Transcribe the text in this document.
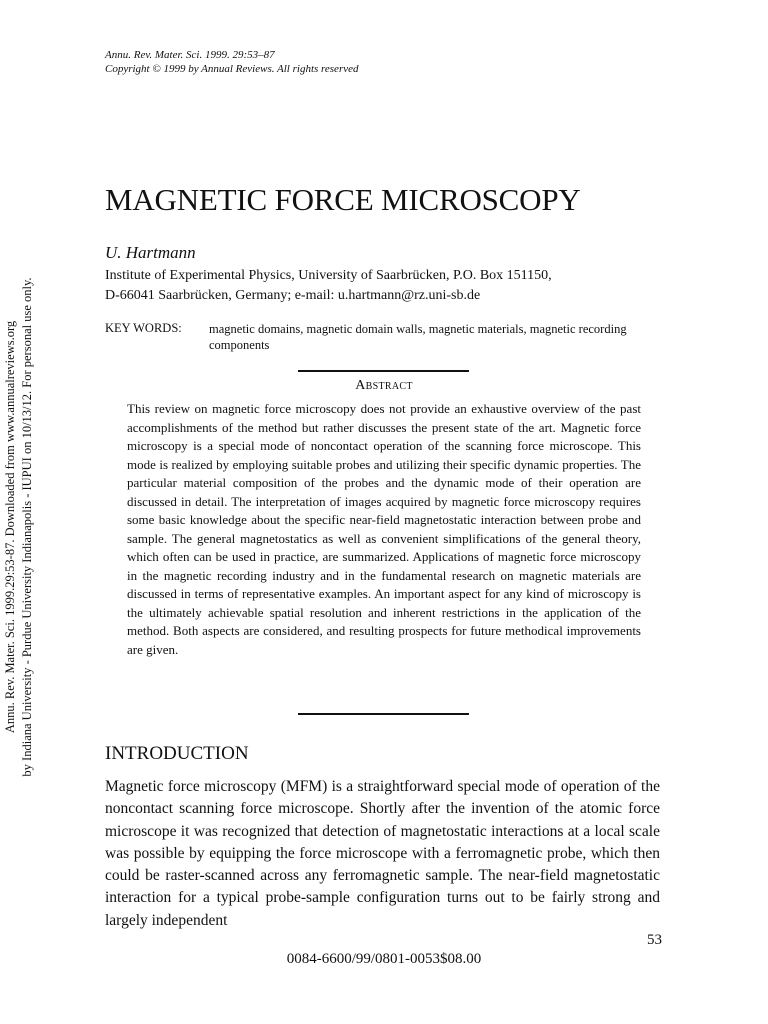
Annu. Rev. Mater. Sci. 1999. 29:53–87
Copyright © 1999 by Annual Reviews. All rights reserved
Annu. Rev. Mater. Sci. 1999.29:53-87. Downloaded from www.annualreviews.org by Indiana University - Purdue University Indianapolis - IUPUI on 10/13/12. For personal use only.
MAGNETIC FORCE MICROSCOPY
U. Hartmann
Institute of Experimental Physics, University of Saarbrücken, P.O. Box 151150,
D-66041 Saarbrücken, Germany; e-mail: u.hartmann@rz.uni-sb.de
KEY WORDS: magnetic domains, magnetic domain walls, magnetic materials, magnetic recording components
Abstract
This review on magnetic force microscopy does not provide an exhaustive overview of the past accomplishments of the method but rather discusses the present state of the art. Magnetic force microscopy is a special mode of noncontact operation of the scanning force microscope. This mode is realized by employing suitable probes and utilizing their specific dynamic properties. The particular material composition of the probes and the dynamic mode of their operation are discussed in detail. The interpretation of images acquired by magnetic force microscopy requires some basic knowledge about the specific near-field magnetostatic interaction between probe and sample. The general magnetostatics as well as convenient simplifications of the general theory, which often can be used in practice, are summarized. Applications of magnetic force microscopy in the magnetic recording industry and in the fundamental research on magnetic materials are discussed in terms of representative examples. An important aspect for any kind of microscopy is the ultimately achievable spatial resolution and inherent restrictions in the application of the method. Both aspects are considered, and resulting prospects for future methodical improvements are given.
INTRODUCTION
Magnetic force microscopy (MFM) is a straightforward special mode of operation of the noncontact scanning force microscope. Shortly after the invention of the atomic force microscope it was recognized that detection of magnetostatic interactions at a local scale was possible by equipping the force microscope with a ferromagnetic probe, which then could be raster-scanned across any ferromagnetic sample. The near-field magnetostatic interaction for a typical probe-sample configuration turns out to be fairly strong and largely independent
53
0084-6600/99/0801-0053$08.00
